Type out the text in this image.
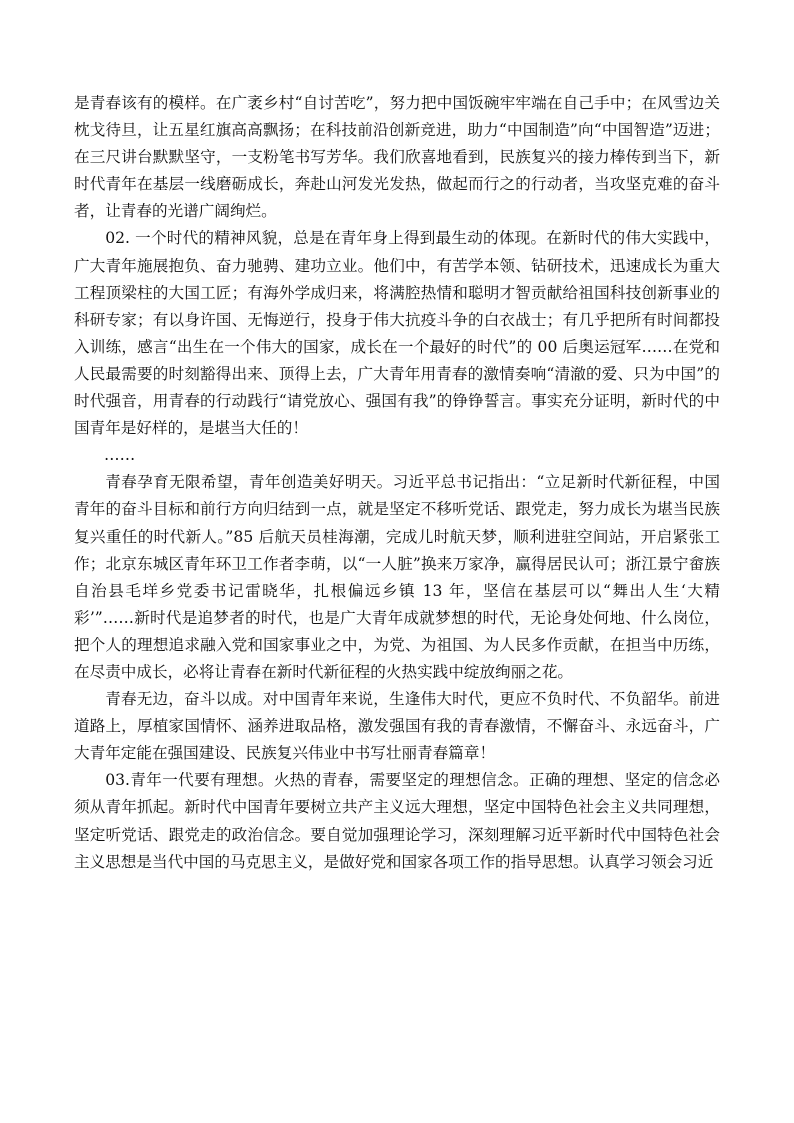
是青春该有的模样。在广袤乡村“自讨苦吃”，努力把中国饭碗牢牢端在自己手中；在风雪边关枕戈待旦，让五星红旗高高飘扬；在科技前沿创新竞进，助力“中国制造”向“中国智造”迈进；在三尺讲台默默坚守，一支粉笔书写芳华。我们欣喜地看到，民族复兴的接力棒传到当下，新时代青年在基层一线磨砺成长，奔赴山河发光发热，做起而行之的行动者，当攻坚克难的奋斗者，让青春的光谱广阔绚烂。

02. 一个时代的精神风貌，总是在青年身上得到最生动的体现。在新时代的伟大实践中，广大青年施展抱负、奋力驰骋、建功立业。他们中，有苦学本领、钻研技术，迅速成长为重大工程顶梁柱的大国工匠；有海外学成归来，将满腔热情和聪明才智贡献给祖国科技创新事业的科研专家；有以身许国、无悔逆行，投身于伟大抗疫斗争的白衣战士；有几乎把所有时间都投入训练，感言“出生在一个伟大的国家，成长在一个最好的时代”的 00 后奥运冠军……在党和人民最需要的时刻豁得出来、顶得上去，广大青年用青春的激情奏响“清澈的爱、只为中国”的时代强音，用青春的行动践行“请党放心、强国有我”的铮铮誓言。事实充分证明，新时代的中国青年是好样的，是堪当大任的！

……

青春孕育无限希望，青年创造美好明天。习近平总书记指出：“立足新时代新征程，中国青年的奋斗目标和前行方向归结到一点，就是坚定不移听党话、跟党走，努力成长为堪当民族复兴重任的时代新人。”85 后航天员桂海潮，完成儿时航天梦，顺利进驻空间站，开启紧张工作；北京东城区青年环卫工作者李萌，以“一人脏”换来万家净，赢得居民认可；浙江景宁畲族自治县毛垟乡党委书记雷晓华，扎根偏远乡镇 13 年，坚信在基层可以“舞出人生‘大精彩’”……新时代是追梦者的时代，也是广大青年成就梦想的时代，无论身处何地、什么岗位，把个人的理想追求融入党和国家事业之中，为党、为祖国、为人民多作贡献，在担当中历练，在尽责中成长，必将让青春在新时代新征程的火热实践中绽放绚丽之花。

青春无边，奋斗以成。对中国青年来说，生逢伟大时代，更应不负时代、不负韶华。前进道路上，厚植家国情怀、涵养进取品格，激发强国有我的青春激情，不懈奋斗、永远奋斗，广大青年定能在强国建设、民族复兴伟业中书写壮丽青春篇章！

03.青年一代要有理想。火热的青春，需要坚定的理想信念。正确的理想、坚定的信念必须从青年抓起。新时代中国青年要树立共产主义远大理想，坚定中国特色社会主义共同理想，坚定听党话、跟党走的政治信念。要自觉加强理论学习，深刻理解习近平新时代中国特色社会主义思想是当代中国的马克思主义，是做好党和国家各项工作的指导思想。认真学习领会习近
